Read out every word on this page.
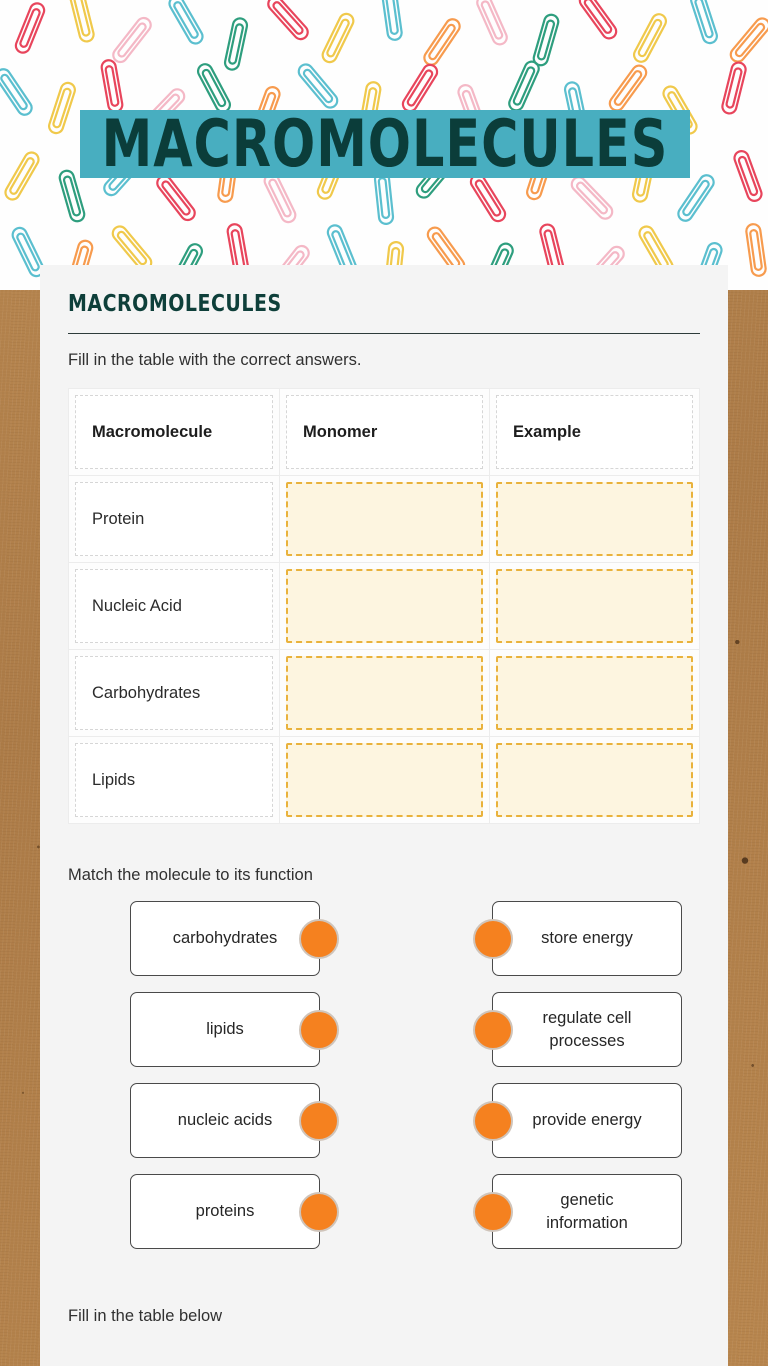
MACROMOLECULES
MACROMOLECULES
Fill in the table with the correct answers.
Macromolecule	Monomer	Example

Protein		

Nucleic Acid		

Carbohydrates		

Lipids		

Match the molecule to its function
carbohydrates	store energy
lipids
regulate cell processes
nucleic acids	provide energy
proteins
genetic information
Fill in the table below
